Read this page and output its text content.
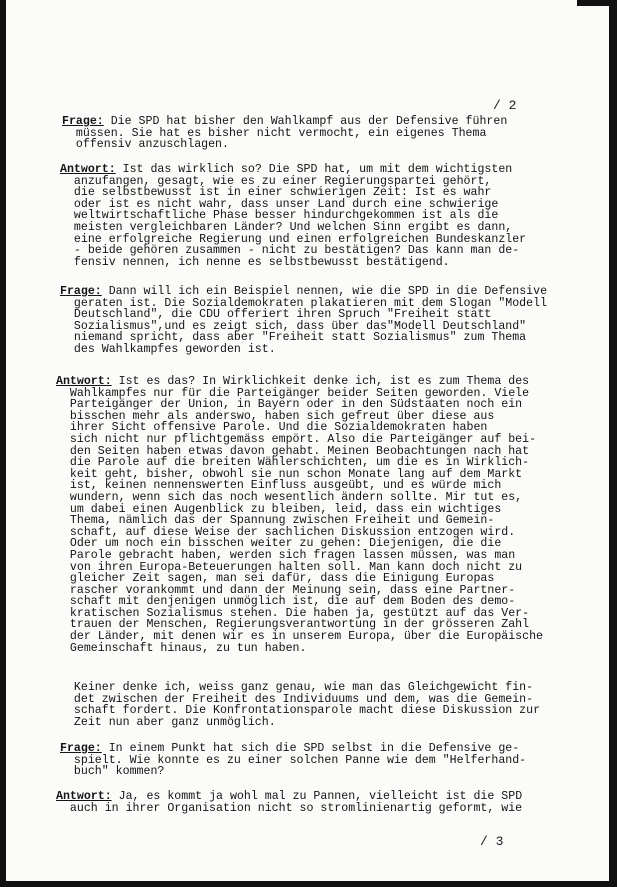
/ 2
Frage: Die SPD hat bisher den Wahlkampf aus der Defensive führen
müssen. Sie hat es bisher nicht vermocht, ein eigenes Thema
offensiv anzuschlagen.
Antwort: Ist das wirklich so? Die SPD hat, um mit dem wichtigsten
anzufangen, gesagt, wie es zu einer Regierungspartei gehört,
die selbstbewusst ist in einer schwierigen Zeit: Ist es wahr
oder ist es nicht wahr, dass unser Land durch eine schwierige
weltwirtschaftliche Phase besser hindurchgekommen ist als die
meisten vergleichbaren Länder? Und welchen Sinn ergibt es dann,
eine erfolgreiche Regierung und einen erfolgreichen Bundeskanzler
- beide gehören zusammen - nicht zu bestätigen? Das kann man de-
fensiv nennen, ich nenne es selbstbewusst bestätigend.
Frage: Dann will ich ein Beispiel nennen, wie die SPD in die Defensive
geraten ist. Die Sozialdemokraten plakatieren mit dem Slogan "Modell
Deutschland", die CDU offeriert ihren Spruch "Freiheit statt
Sozialismus",und es zeigt sich, dass über das"Modell Deutschland"
niemand spricht, dass aber "Freiheit statt Sozialismus" zum Thema
des Wahlkampfes geworden ist.
Antwort: Ist es das? In Wirklichkeit denke ich, ist es zum Thema des
Wahlkampfes nur für die Parteigänger beider Seiten geworden. Viele
Parteigänger der Union, in Bayern oder in den Südstaaten noch ein
bisschen mehr als anderswo, haben sich gefreut über diese aus
ihrer Sicht offensive Parole. Und die Sozialdemokraten haben
sich nicht nur pflichtgemäss empört. Also die Parteigänger auf bei-
den Seiten haben etwas davon gehabt. Meinen Beobachtungen nach hat
die Parole auf die breiten Wählerschichten, um die es in Wirklich-
keit geht, bisher, obwohl sie nun schon Monate lang auf dem Markt
ist, keinen nennenswerten Einfluss ausgeübt, und es würde mich
wundern, wenn sich das noch wesentlich ändern sollte. Mir tut es,
um dabei einen Augenblick zu bleiben, leid, dass ein wichtiges
Thema, nämlich das der Spannung zwischen Freiheit und Gemein-
schaft, auf diese Weise der sachlichen Diskussion entzogen wird.
Oder um noch ein bisschen weiter zu gehen: Diejenigen, die die
Parole gebracht haben, werden sich fragen lassen müssen, was man
von ihren Europa-Beteuerungen halten soll. Man kann doch nicht zu
gleicher Zeit sagen, man sei dafür, dass die Einigung Europas
rascher vorankommt und dann der Meinung sein, dass eine Partner-
schaft mit denjenigen unmöglich ist, die auf dem Boden des demo-
kratischen Sozialismus stehen. Die haben ja, gestützt auf das Ver-
trauen der Menschen, Regierungsverantwortung in der grösseren Zahl
der Länder, mit denen wir es in unserem Europa, über die Europäische
Gemeinschaft hinaus, zu tun haben.
Keiner denke ich, weiss ganz genau, wie man das Gleichgewicht fin-
det zwischen der Freiheit des Individuums und dem, was die Gemein-
schaft fordert. Die Konfrontationsparole macht diese Diskussion zur
Zeit nun aber ganz unmöglich.
Frage: In einem Punkt hat sich die SPD selbst in die Defensive ge-
spielt. Wie konnte es zu einer solchen Panne wie dem "Helferhand-
buch" kommen?
Antwort: Ja, es kommt ja wohl mal zu Pannen, vielleicht ist die SPD
auch in ihrer Organisation nicht so stromlinienartig geformt, wie
/ 3
